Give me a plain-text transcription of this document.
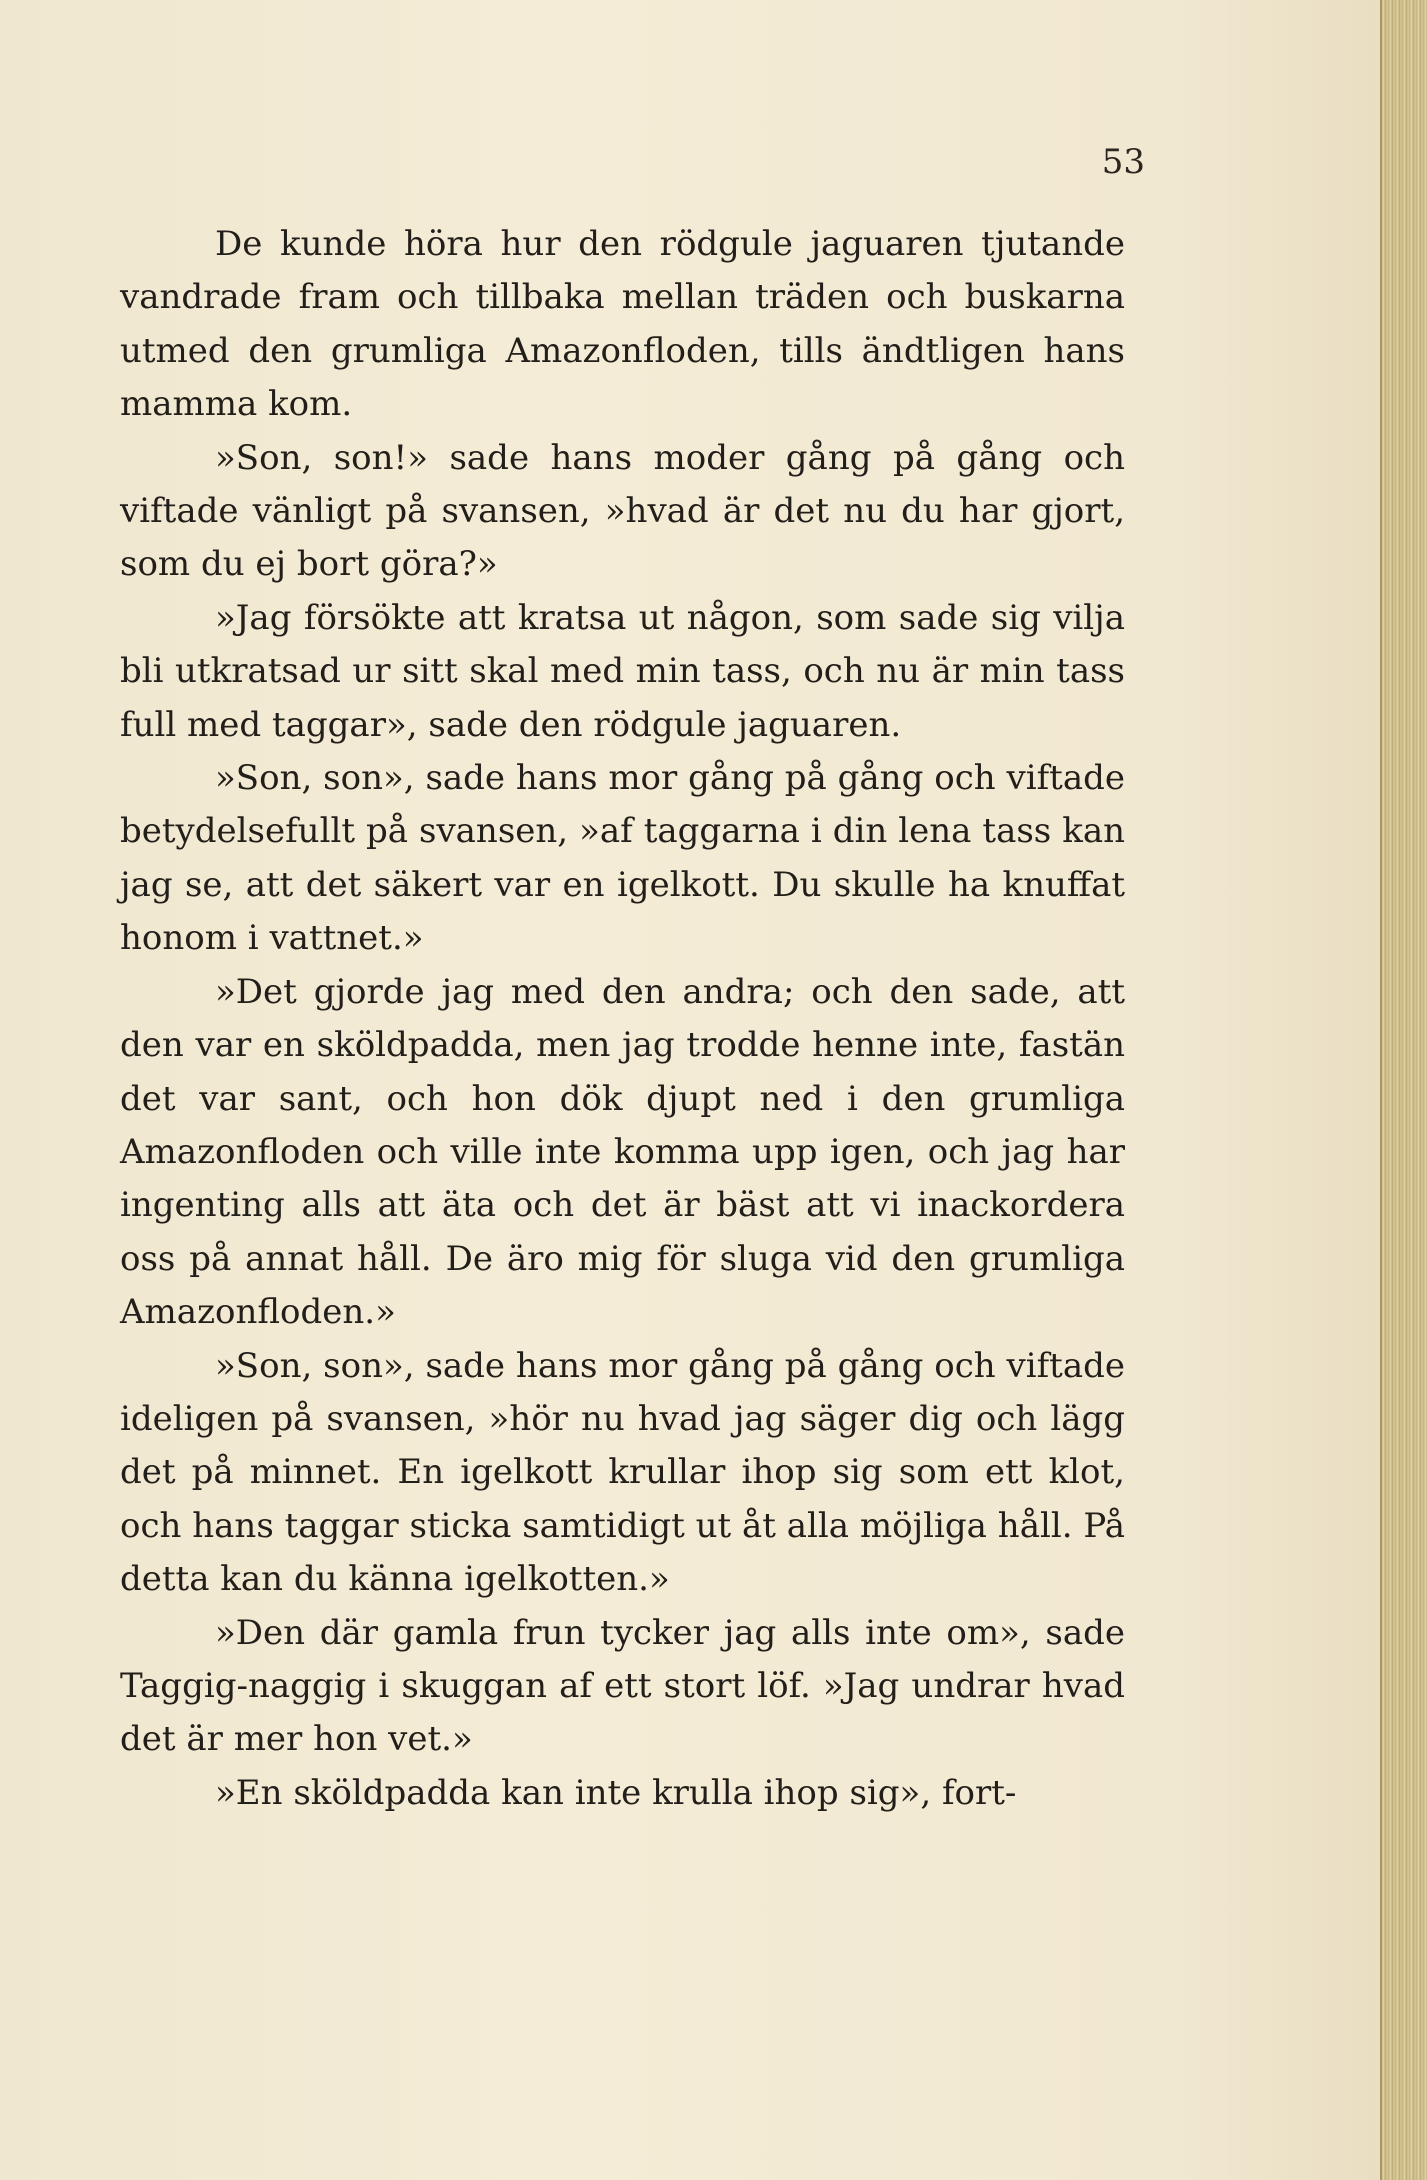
53

De kunde höra hur den rödgule jaguaren tjutande vandrade fram och tillbaka mellan träden och buskarna utmed den grumliga Amazonfloden, tills ändtligen hans mamma kom.

»Son, son!» sade hans moder gång på gång och viftade vänligt på svansen, »hvad är det nu du har gjort, som du ej bort göra?»

»Jag försökte att kratsa ut någon, som sade sig vilja bli utkratsad ur sitt skal med min tass, och nu är min tass full med taggar», sade den rödgule jaguaren.

»Son, son», sade hans mor gång på gång och viftade betydelsefullt på svansen, »af taggarna i din lena tass kan jag se, att det säkert var en igelkott. Du skulle ha knuffat honom i vattnet.»

»Det gjorde jag med den andra; och den sade, att den var en sköldpadda, men jag trodde henne inte, fastän det var sant, och hon dök djupt ned i den grumliga Amazonfloden och ville inte komma upp igen, och jag har ingenting alls att äta och det är bäst att vi inackordera oss på annat håll. De äro mig för sluga vid den grumliga Amazonfloden.»

»Son, son», sade hans mor gång på gång och viftade ideligen på svansen, »hör nu hvad jag säger dig och lägg det på minnet. En igelkott krullar ihop sig som ett klot, och hans taggar sticka samtidigt ut åt alla möjliga håll. På detta kan du känna igelkotten.»

»Den där gamla frun tycker jag alls inte om», sade Taggig-naggig i skuggan af ett stort löf. »Jag undrar hvad det är mer hon vet.»

»En sköldpadda kan inte krulla ihop sig», fort-
